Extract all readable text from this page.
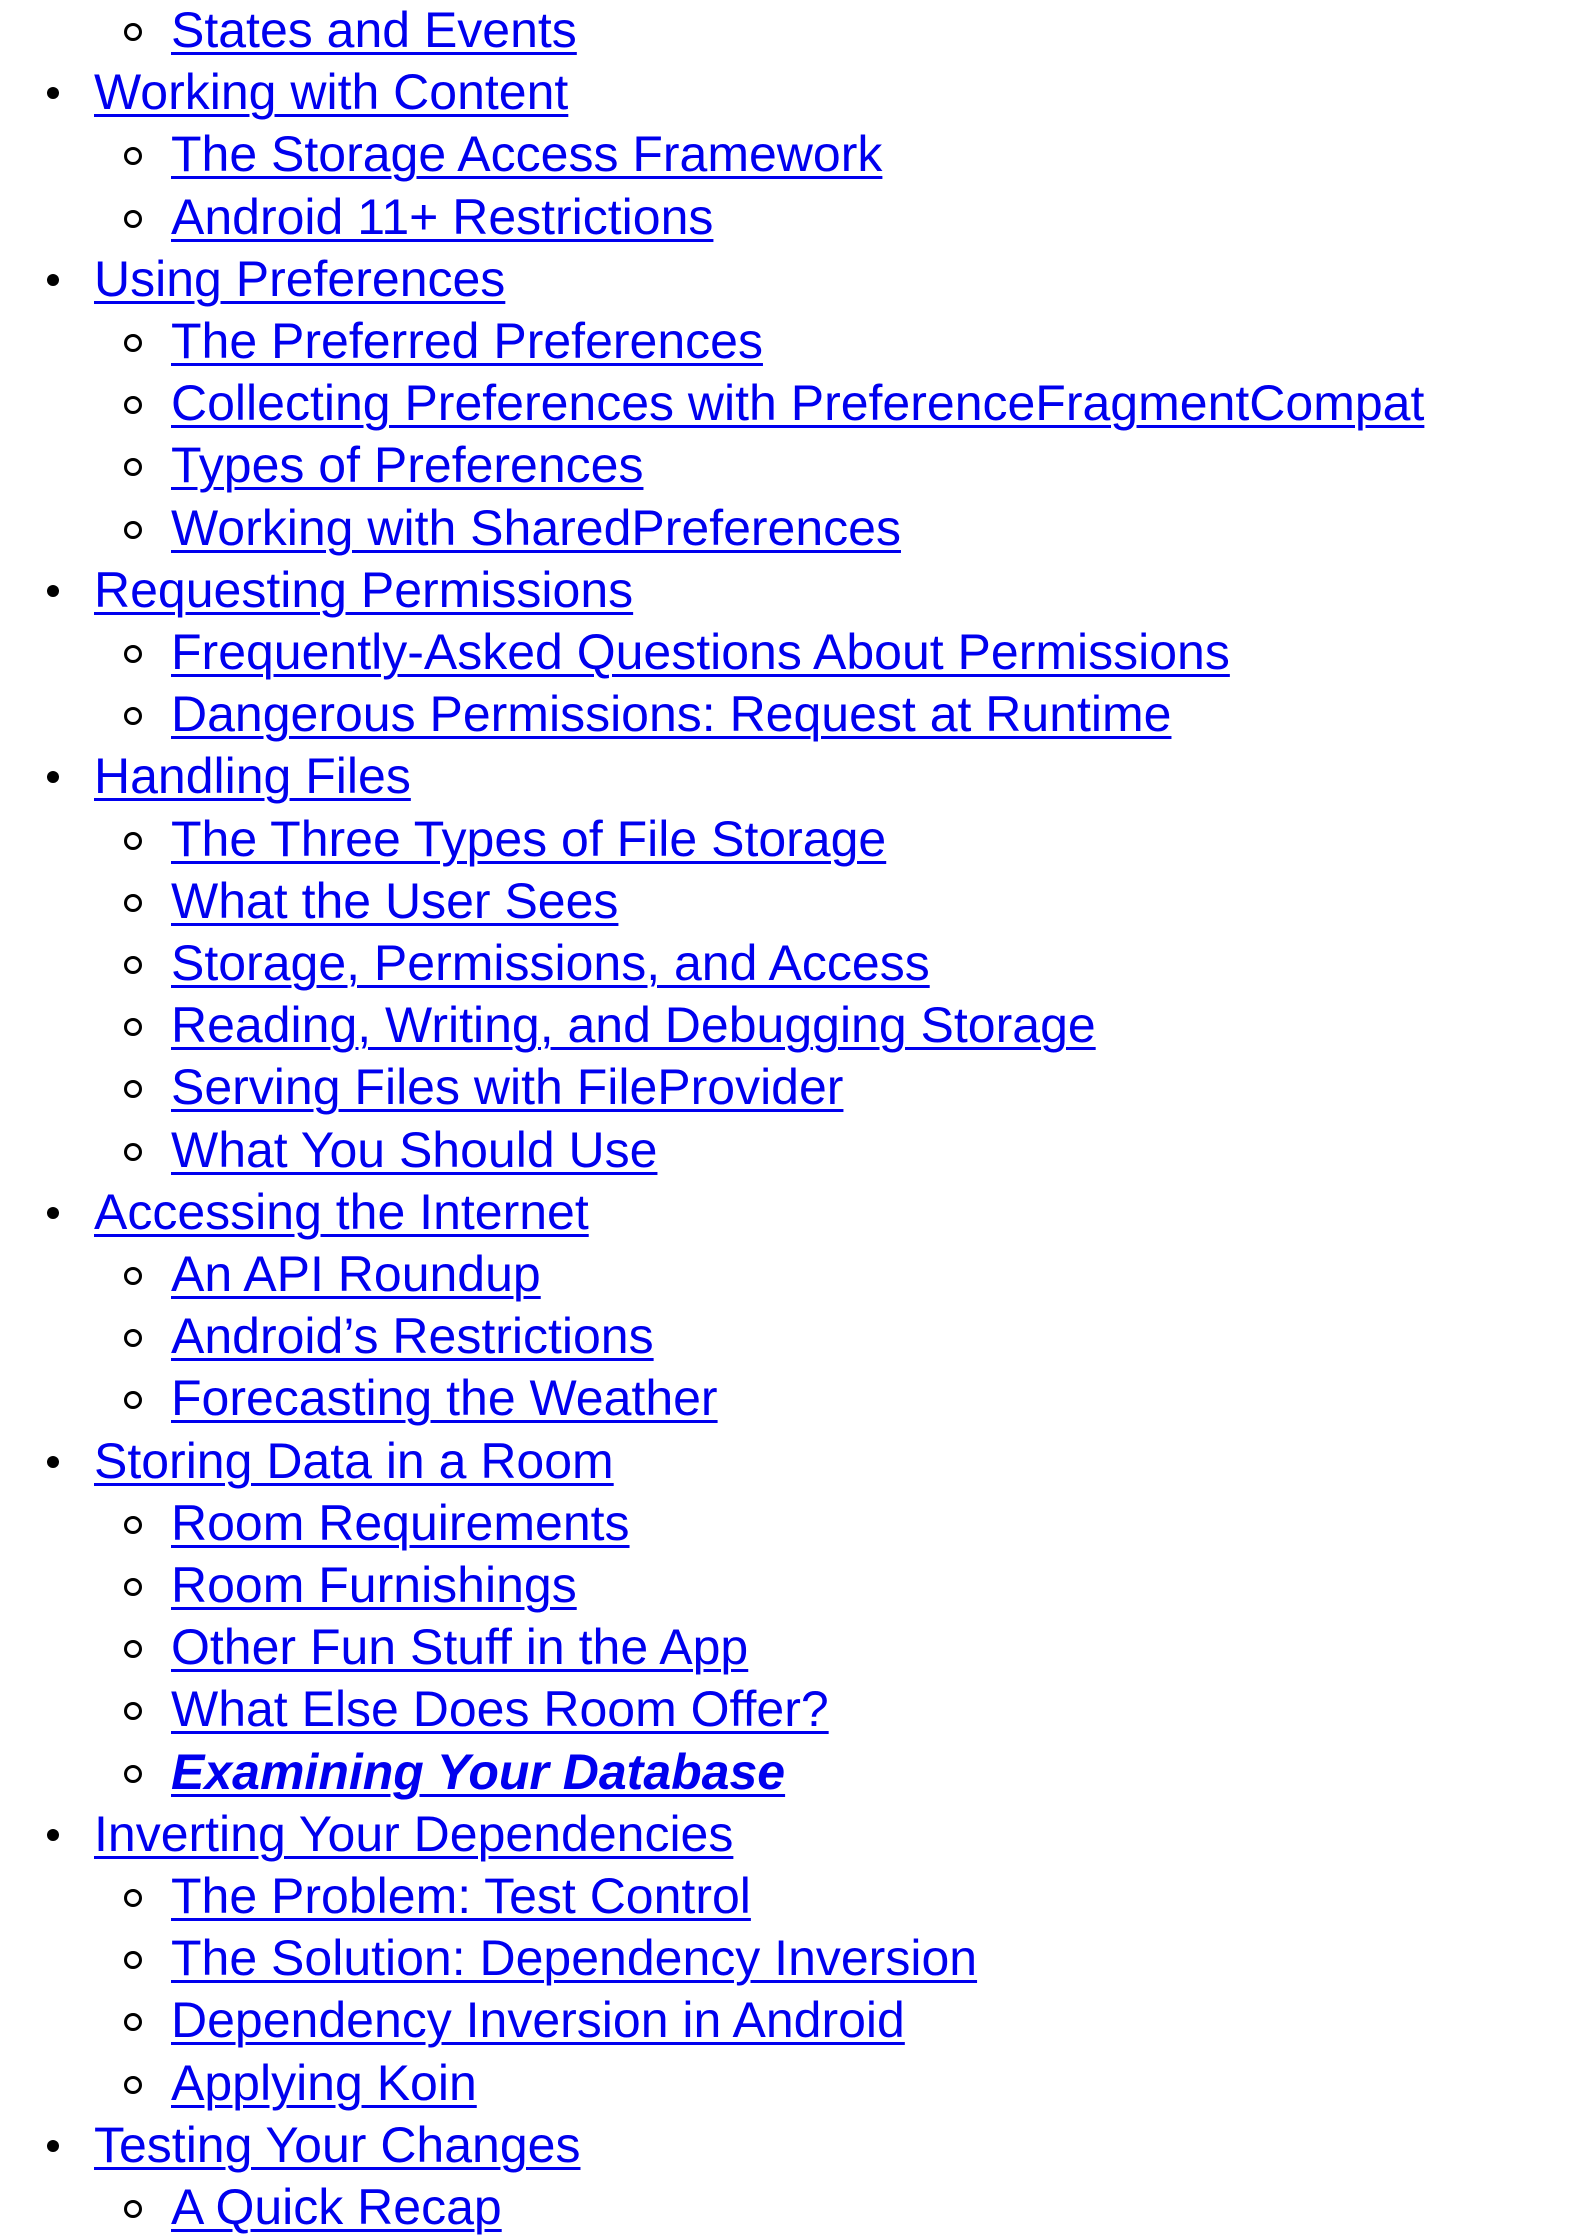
States and Events
Working with Content
The Storage Access Framework
Android 11+ Restrictions
Using Preferences
The Preferred Preferences
Collecting Preferences with PreferenceFragmentCompat
Types of Preferences
Working with SharedPreferences
Requesting Permissions
Frequently-Asked Questions About Permissions
Dangerous Permissions: Request at Runtime
Handling Files
The Three Types of File Storage
What the User Sees
Storage, Permissions, and Access
Reading, Writing, and Debugging Storage
Serving Files with FileProvider
What You Should Use
Accessing the Internet
An API Roundup
Android’s Restrictions
Forecasting the Weather
Storing Data in a Room
Room Requirements
Room Furnishings
Other Fun Stuff in the App
What Else Does Room Offer?
Examining Your Database
Inverting Your Dependencies
The Problem: Test Control
The Solution: Dependency Inversion
Dependency Inversion in Android
Applying Koin
Testing Your Changes
A Quick Recap
